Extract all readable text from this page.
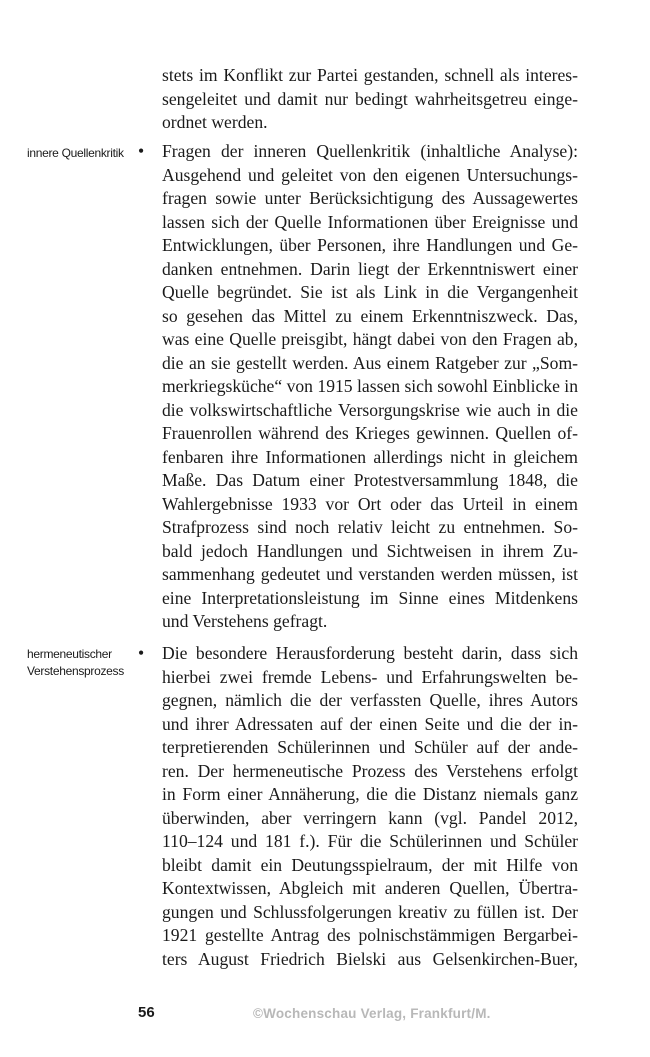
stets im Konflikt zur Partei gestanden, schnell als interes-
sengeleitet und damit nur bedingt wahrheitsgetreu einge-
ordnet werden.
innere Quellenkritik •	Fragen der inneren Quellenkritik (inhaltliche Analyse):
Ausgehend und geleitet von den eigenen Untersuchungs-
fragen sowie unter Berücksichtigung des Aussagewertes
lassen sich der Quelle Informationen über Ereignisse und
Entwicklungen, über Personen, ihre Handlungen und Ge-
danken entnehmen. Darin liegt der Erkenntniswert einer
Quelle begründet. Sie ist als Link in die Vergangenheit
so gesehen das Mittel zu einem Erkenntniszweck. Das,
was eine Quelle preisgibt, hängt dabei von den Fragen ab,
die an sie gestellt werden. Aus einem Ratgeber zur „Som-
merkriegsküche“ von 1915 lassen sich sowohl Einblicke in
die volkswirtschaftliche Versorgungskrise wie auch in die
Frauenrollen während des Krieges gewinnen. Quellen of-
fenbaren ihre Informationen allerdings nicht in gleichem
Maße. Das Datum einer Protestversammlung 1848, die
Wahlergebnisse 1933 vor Ort oder das Urteil in einem
Strafprozess sind noch relativ leicht zu entnehmen. So-
bald jedoch Handlungen und Sichtweisen in ihrem Zu-
sammenhang gedeutet und verstanden werden müssen, ist
eine Interpretationsleistung im Sinne eines Mitdenkens
und Verstehens gefragt.
hermeneutischer
Verstehensprozess
•	Die besondere Herausforderung besteht darin, dass sich
hierbei zwei fremde Lebens- und Erfahrungswelten be-
gegnen, nämlich die der verfassten Quelle, ihres Autors
und ihrer Adressaten auf der einen Seite und die der in-
terpretierenden Schülerinnen und Schüler auf der ande-
ren. Der hermeneutische Prozess des Verstehens erfolgt
in Form einer Annäherung, die die Distanz niemals ganz
überwinden, aber verringern kann (vgl. Pandel 2012,
110–124 und 181 f.). Für die Schülerinnen und Schüler
bleibt damit ein Deutungsspielraum, der mit Hilfe von
Kontextwissen, Abgleich mit anderen Quellen, Übertra-
gungen und Schlussfolgerungen kreativ zu füllen ist. Der
1921 gestellte Antrag des polnischstämmigen Bergarbei-
ters August Friedrich Bielski aus Gelsenkirchen-Buer,
56	©Wochenschau Verlag, Frankfurt/M.
